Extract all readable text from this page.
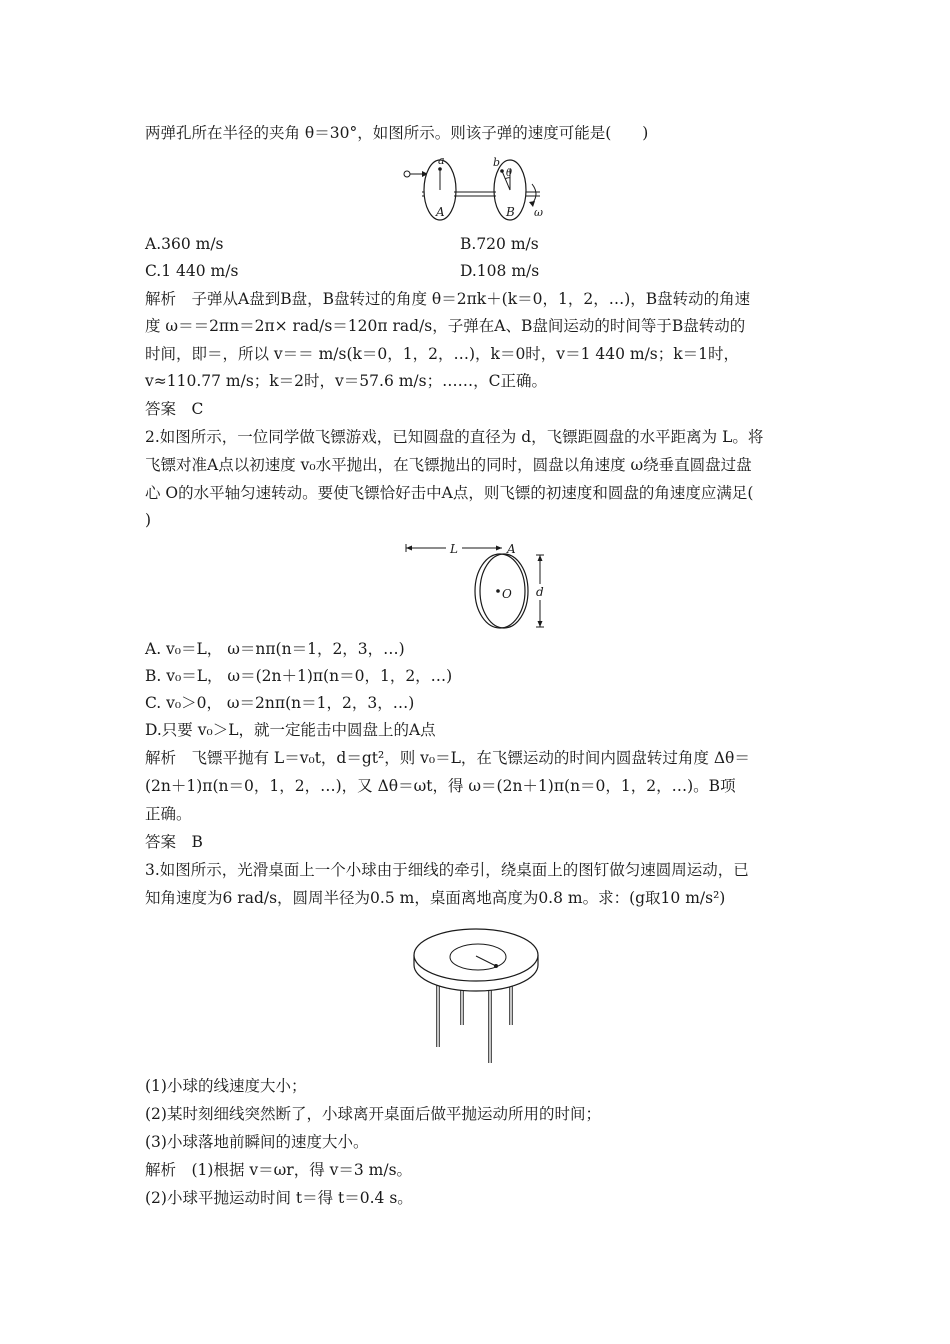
两弹孔所在半径的夹角 θ＝30°，如图所示。则该子弹的速度可能是(　　)
a	b
θ
A	B ω
A.360 m/s	B.720 m/s
C.1 440 m/s	D.108 m/s
解析　子弹从A盘到B盘，B盘转过的角度 θ＝2πk＋(k＝0，1，2，…)，B盘转动的角速
度 ω＝＝2πn＝2π× rad/s＝120π rad/s，子弹在A、B盘间运动的时间等于B盘转动的
时间，即＝，所以 v＝＝ m/s(k＝0，1，2，…)，k＝0时，v＝1 440 m/s；k＝1时，
v≈110.77 m/s；k＝2时，v＝57.6 m/s；……，C正确。
答案　C
2.如图所示，一位同学做飞镖游戏，已知圆盘的直径为 d，飞镖距圆盘的水平距离为 L。将
飞镖对准A点以初速度 v₀水平抛出，在飞镖抛出的同时，圆盘以角速度 ω绕垂直圆盘过盘
心 O的水平轴匀速转动。要使飞镖恰好击中A点，则飞镖的初速度和圆盘的角速度应满足(
)
L	A
O d
A. v₀＝L， ω＝nπ(n＝1，2，3，…)
B. v₀＝L， ω＝(2n＋1)π(n＝0，1，2，…)
C. v₀＞0， ω＝2nπ(n＝1，2，3，…)
D.只要 v₀＞L，就一定能击中圆盘上的A点
解析　飞镖平抛有 L＝v₀t，d＝gt²，则 v₀＝L，在飞镖运动的时间内圆盘转过角度 Δθ＝
(2n＋1)π(n＝0，1，2，…)，又 Δθ＝ωt，得 ω＝(2n＋1)π(n＝0，1，2，…)。B项
正确。
答案　B
3.如图所示，光滑桌面上一个小球由于细线的牵引，绕桌面上的图钉做匀速圆周运动，已
知角速度为6 rad/s，圆周半径为0.5 m，桌面离地高度为0.8 m。求：(g取10 m/s²)
(1)小球的线速度大小；
(2)某时刻细线突然断了，小球离开桌面后做平抛运动所用的时间；
(3)小球落地前瞬间的速度大小。
解析　(1)根据 v＝ωr，得 v＝3 m/s。
(2)小球平抛运动时间 t＝得 t＝0.4 s。
